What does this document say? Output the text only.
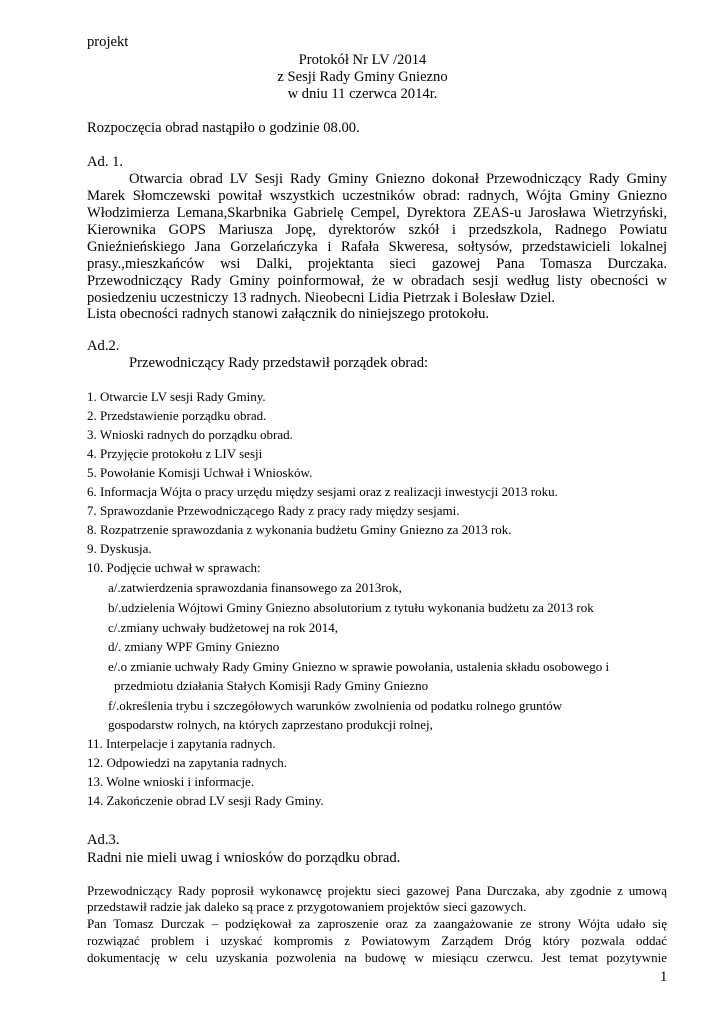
projekt
Protokół Nr LV /2014
z Sesji Rady Gminy Gniezno
w dniu 11 czerwca 2014r.
Rozpoczęcia obrad nastąpiło o godzinie 08.00.
Ad. 1.
Otwarcia obrad LV Sesji Rady Gminy Gniezno dokonał Przewodniczący Rady Gminy
Marek Słomczewski powitał wszystkich uczestników obrad: radnych, Wójta Gminy Gniezno
Włodzimierza Lemana,Skarbnika Gabrielę Cempel, Dyrektora ZEAS-u Jarosława Wietrzyński,
Kierownika GOPS Mariusza Jopę, dyrektorów szkół i przedszkola, Radnego Powiatu
Gnieźnieńskiego Jana Gorzelańczyka i Rafała Skweresa, sołtysów, przedstawicieli lokalnej
prasy.,mieszkańców wsi Dalki, projektanta sieci gazowej Pana Tomasza Durczaka.
Przewodniczący Rady Gminy poinformował, że w obradach sesji według listy obecności w
posiedzeniu uczestniczy 13 radnych. Nieobecni Lidia Pietrzak i Bolesław Dziel.
Lista obecności radnych stanowi załącznik do niniejszego protokołu.
Ad.2.
Przewodniczący Rady przedstawił porządek obrad:
1. Otwarcie LV sesji Rady Gminy.
2. Przedstawienie porządku obrad.
3. Wnioski radnych do porządku obrad.
4. Przyjęcie protokołu z LIV sesji
5. Powołanie Komisji Uchwał i Wniosków.
6. Informacja Wójta o pracy urzędu między sesjami oraz z realizacji inwestycji 2013 roku.
7. Sprawozdanie Przewodniczącego Rady z pracy rady między sesjami.
8. Rozpatrzenie sprawozdania z wykonania budżetu Gminy Gniezno za 2013 rok.
9. Dyskusja.
10. Podjęcie uchwał w sprawach:
a/.zatwierdzenia sprawozdania finansowego za 2013rok,
b/.udzielenia Wójtowi Gminy Gniezno absolutorium z tytułu wykonania budżetu za 2013 rok
c/.zmiany uchwały budżetowej na rok 2014,
d/. zmiany WPF Gminy Gniezno
e/.o zmianie uchwały Rady Gminy Gniezno w sprawie powołania, ustalenia składu osobowego i
przedmiotu działania Stałych Komisji Rady Gminy Gniezno
f/.określenia trybu i szczegółowych warunków zwolnienia od podatku rolnego gruntów
gospodarstw rolnych, na których zaprzestano produkcji rolnej,
11. Interpelacje i zapytania radnych.
12. Odpowiedzi na zapytania radnych.
13. Wolne wnioski i informacje.
14. Zakończenie obrad LV sesji Rady Gminy.
Ad.3.
Radni nie mieli uwag i wniosków do porządku obrad.
Przewodniczący Rady poprosił wykonawcę projektu sieci gazowej Pana Durczaka, aby zgodnie z umową
przedstawił radzie jak daleko są prace z przygotowaniem projektów sieci gazowych.
Pan Tomasz Durczak – podziękował za zaproszenie oraz za zaangażowanie ze strony Wójta udało się
rozwiązać problem i uzyskać kompromis z Powiatowym Zarządem Dróg który pozwala oddać
dokumentację w celu uzyskania pozwolenia na budowę w miesiącu czerwcu. Jest temat pozytywnie
1
